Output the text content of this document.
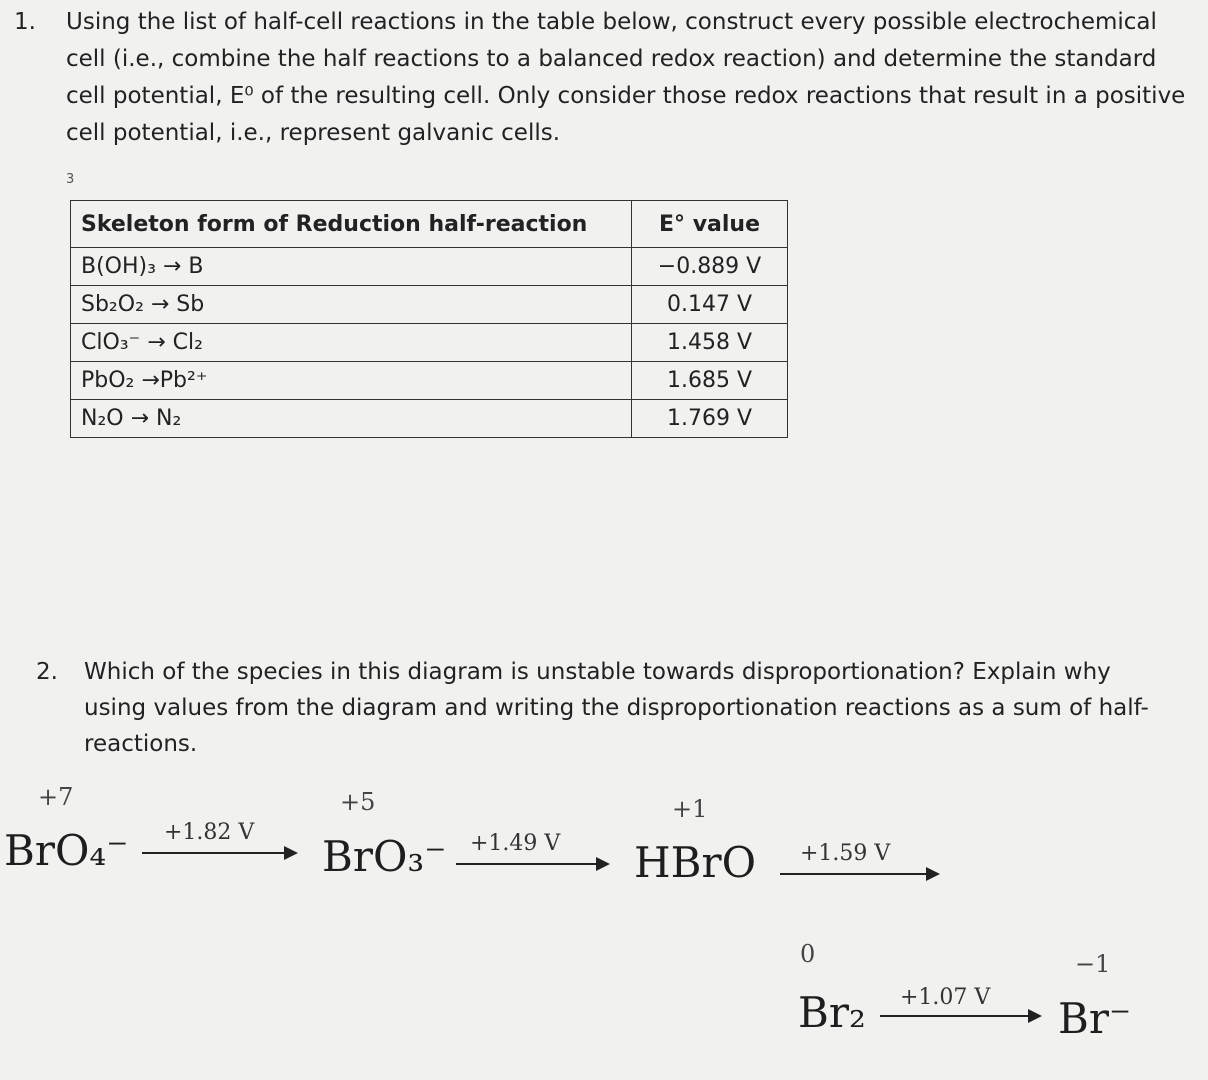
1. Using the list of half-cell reactions in the table below, construct every possible electrochemical cell (i.e., combine the half reactions to a balanced redox reaction) and determine the standard cell potential, E⁰ of the resulting cell. Only consider those redox reactions that result in a positive cell potential, i.e., represent galvanic cells.
3
Skeleton form of Reduction half-reaction	E° value
B(OH)₃ → B	−0.889 V
Sb₂O₂ → Sb	0.147 V
ClO₃⁻ → Cl₂	1.458 V
PbO₂ →Pb²⁺	1.685 V
N₂O → N₂	1.769 V
2. Which of the species in this diagram is unstable towards disproportionation? Explain why using values from the diagram and writing the disproportionation reactions as a sum of half-reactions.
+7	+5	+1
0	−1
BrO₄⁻	BrO₃⁻	HBrO
Br₂	Br⁻
+1.82 V	+1.49 V	+1.59 V
+1.07 V
